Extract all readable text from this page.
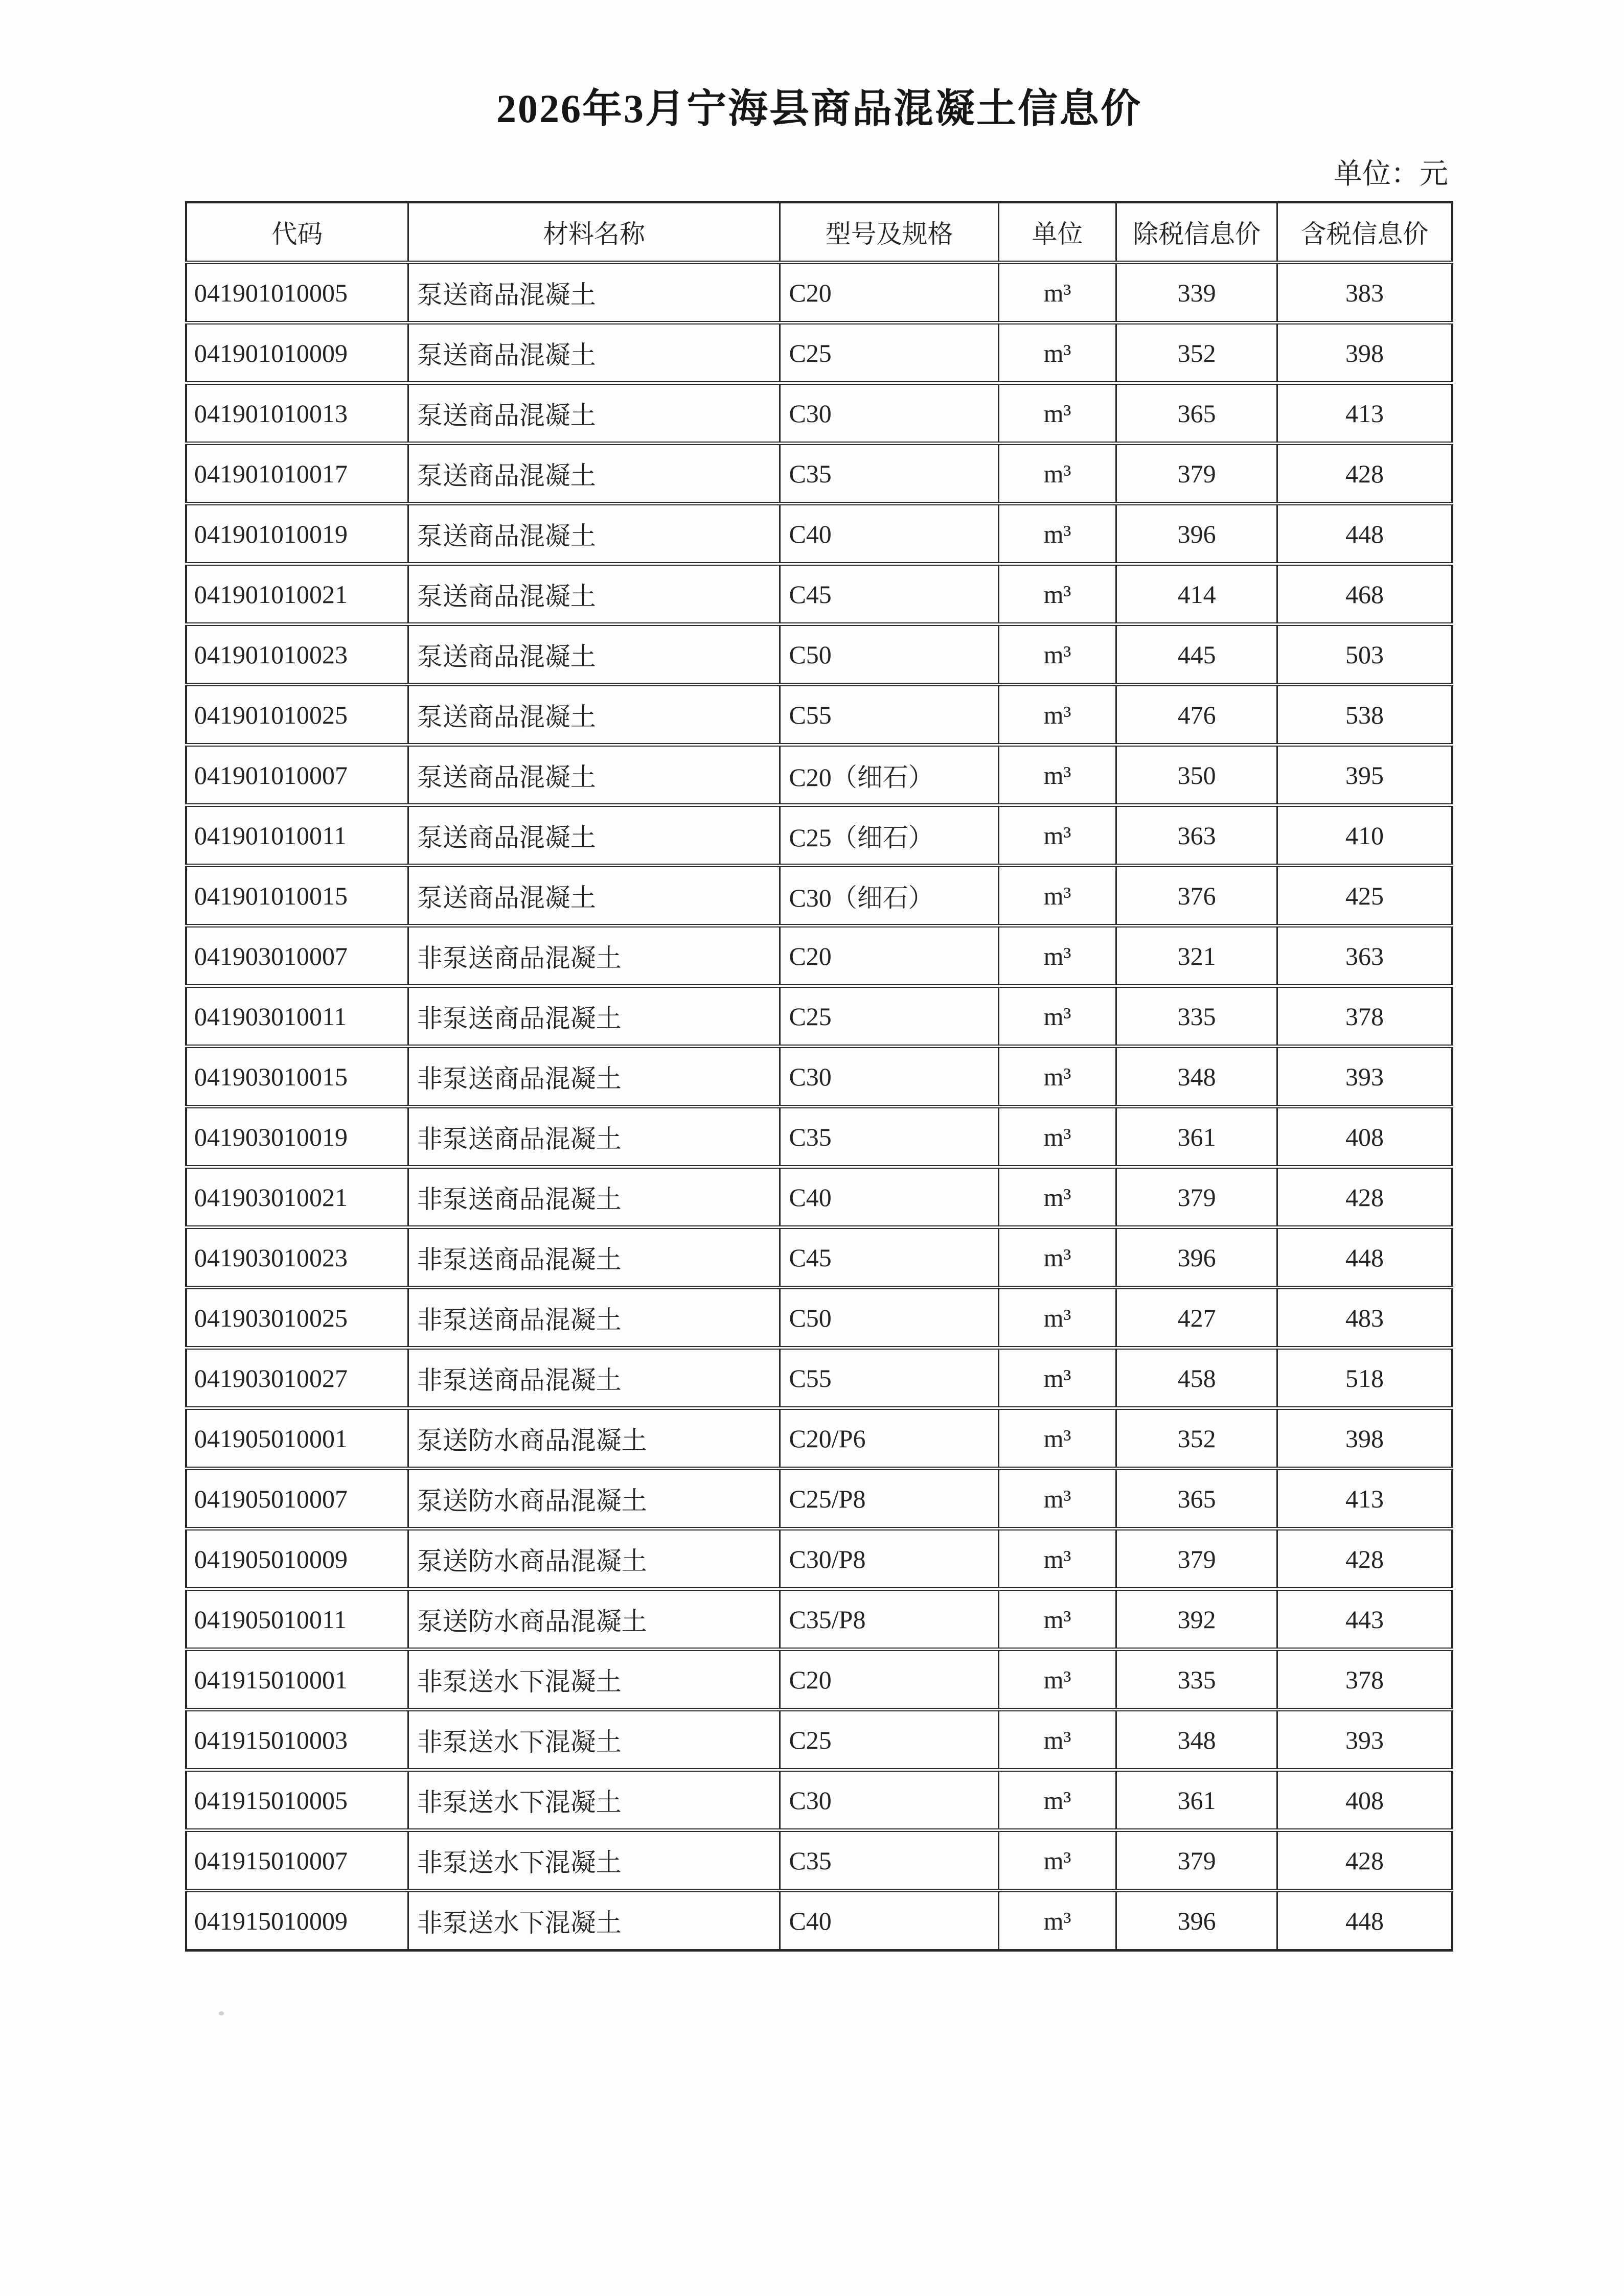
2026年3月宁海县商品混凝土信息价
单位：元
代码	材料名称	型号及规格	单位	除税信息价	含税信息价
041901010005	泵送商品混凝土	C20	m³	339	383
041901010009	泵送商品混凝土	C25	m³	352	398
041901010013	泵送商品混凝土	C30	m³	365	413
041901010017	泵送商品混凝土	C35	m³	379	428
041901010019	泵送商品混凝土	C40	m³	396	448
041901010021	泵送商品混凝土	C45	m³	414	468
041901010023	泵送商品混凝土	C50	m³	445	503
041901010025	泵送商品混凝土	C55	m³	476	538
041901010007	泵送商品混凝土	C20（细石）	m³	350	395
041901010011	泵送商品混凝土	C25（细石）	m³	363	410
041901010015	泵送商品混凝土	C30（细石）	m³	376	425
041903010007	非泵送商品混凝土	C20	m³	321	363
041903010011	非泵送商品混凝土	C25	m³	335	378
041903010015	非泵送商品混凝土	C30	m³	348	393
041903010019	非泵送商品混凝土	C35	m³	361	408
041903010021	非泵送商品混凝土	C40	m³	379	428
041903010023	非泵送商品混凝土	C45	m³	396	448
041903010025	非泵送商品混凝土	C50	m³	427	483
041903010027	非泵送商品混凝土	C55	m³	458	518
041905010001	泵送防水商品混凝土	C20/P6	m³	352	398
041905010007	泵送防水商品混凝土	C25/P8	m³	365	413
041905010009	泵送防水商品混凝土	C30/P8	m³	379	428
041905010011	泵送防水商品混凝土	C35/P8	m³	392	443
041915010001	非泵送水下混凝土	C20	m³	335	378
041915010003	非泵送水下混凝土	C25	m³	348	393
041915010005	非泵送水下混凝土	C30	m³	361	408
041915010007	非泵送水下混凝土	C35	m³	379	428
041915010009	非泵送水下混凝土	C40	m³	396	448
